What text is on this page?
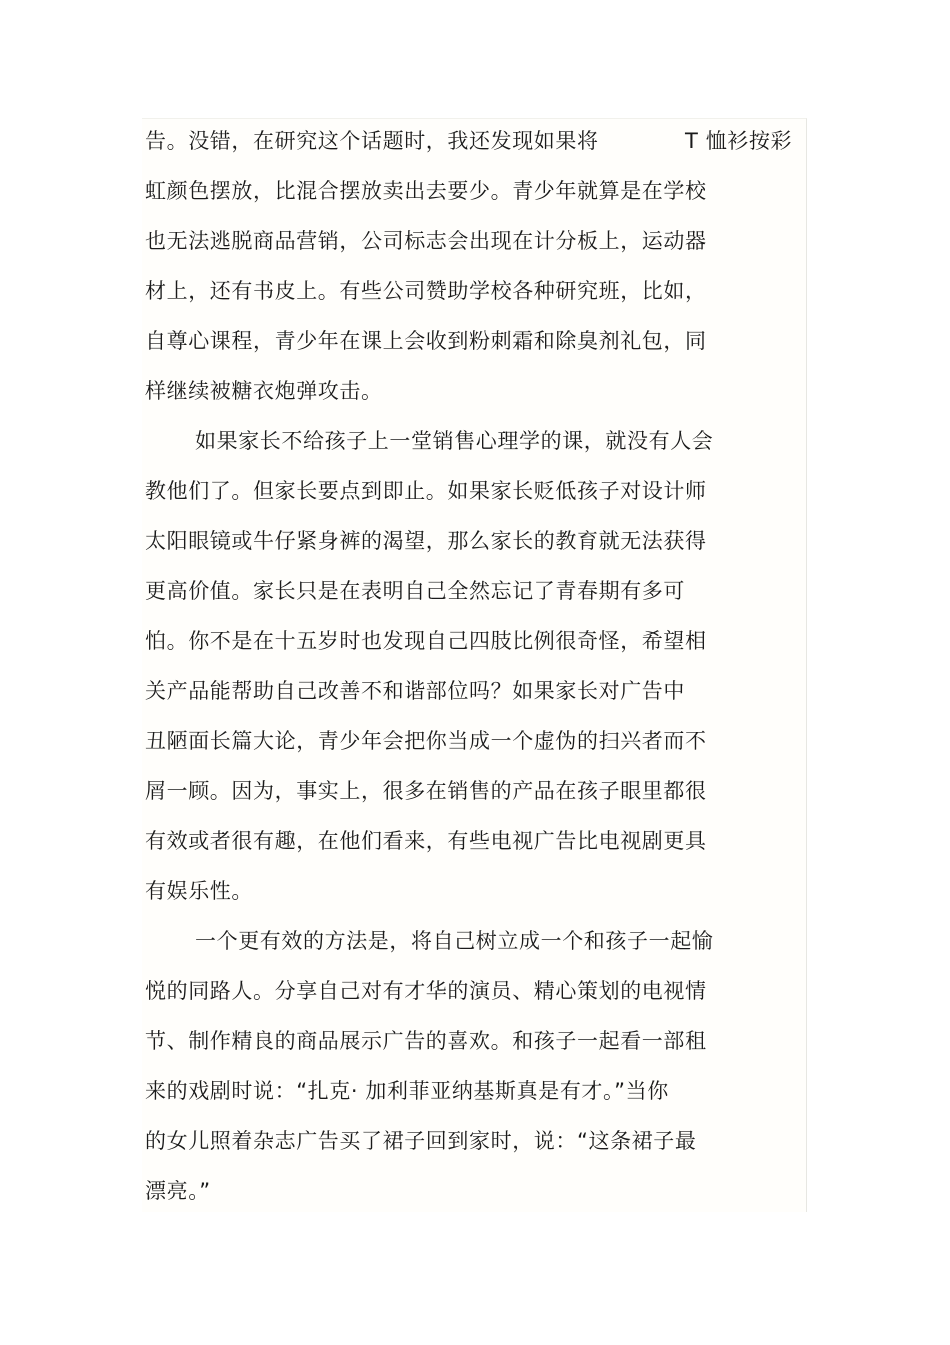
告。没错，在研究这个话题时，我还发现如果将	T 恤衫按彩
虹颜色摆放，比混合摆放卖出去要少。青少年就算是在学校
也无法逃脱商品营销，公司标志会出现在计分板上，运动器
材上，还有书皮上。有些公司赞助学校各种研究班，比如，
自尊心课程，青少年在课上会收到粉刺霜和除臭剂礼包，同
样继续被糖衣炮弹攻击。
如果家长不给孩子上一堂销售心理学的课，就没有人会
教他们了。但家长要点到即止。如果家长贬低孩子对设计师
太阳眼镜或牛仔紧身裤的渴望，那么家长的教育就无法获得
更高价值。家长只是在表明自己全然忘记了青春期有多可
怕。你不是在十五岁时也发现自己四肢比例很奇怪，希望相
关产品能帮助自己改善不和谐部位吗？如果家长对广告中
丑陋面长篇大论，青少年会把你当成一个虚伪的扫兴者而不
屑一顾。因为，事实上，很多在销售的产品在孩子眼里都很
有效或者很有趣，在他们看来，有些电视广告比电视剧更具
有娱乐性。
一个更有效的方法是，将自己树立成一个和孩子一起愉
悦的同路人。分享自己对有才华的演员、精心策划的电视情
节、制作精良的商品展示广告的喜欢。和孩子一起看一部租
来的戏剧时说：“扎克· 加利菲亚纳基斯真是有才。”当你
的女儿照着杂志广告买了裙子回到家时，说：“这条裙子最
漂亮。”
